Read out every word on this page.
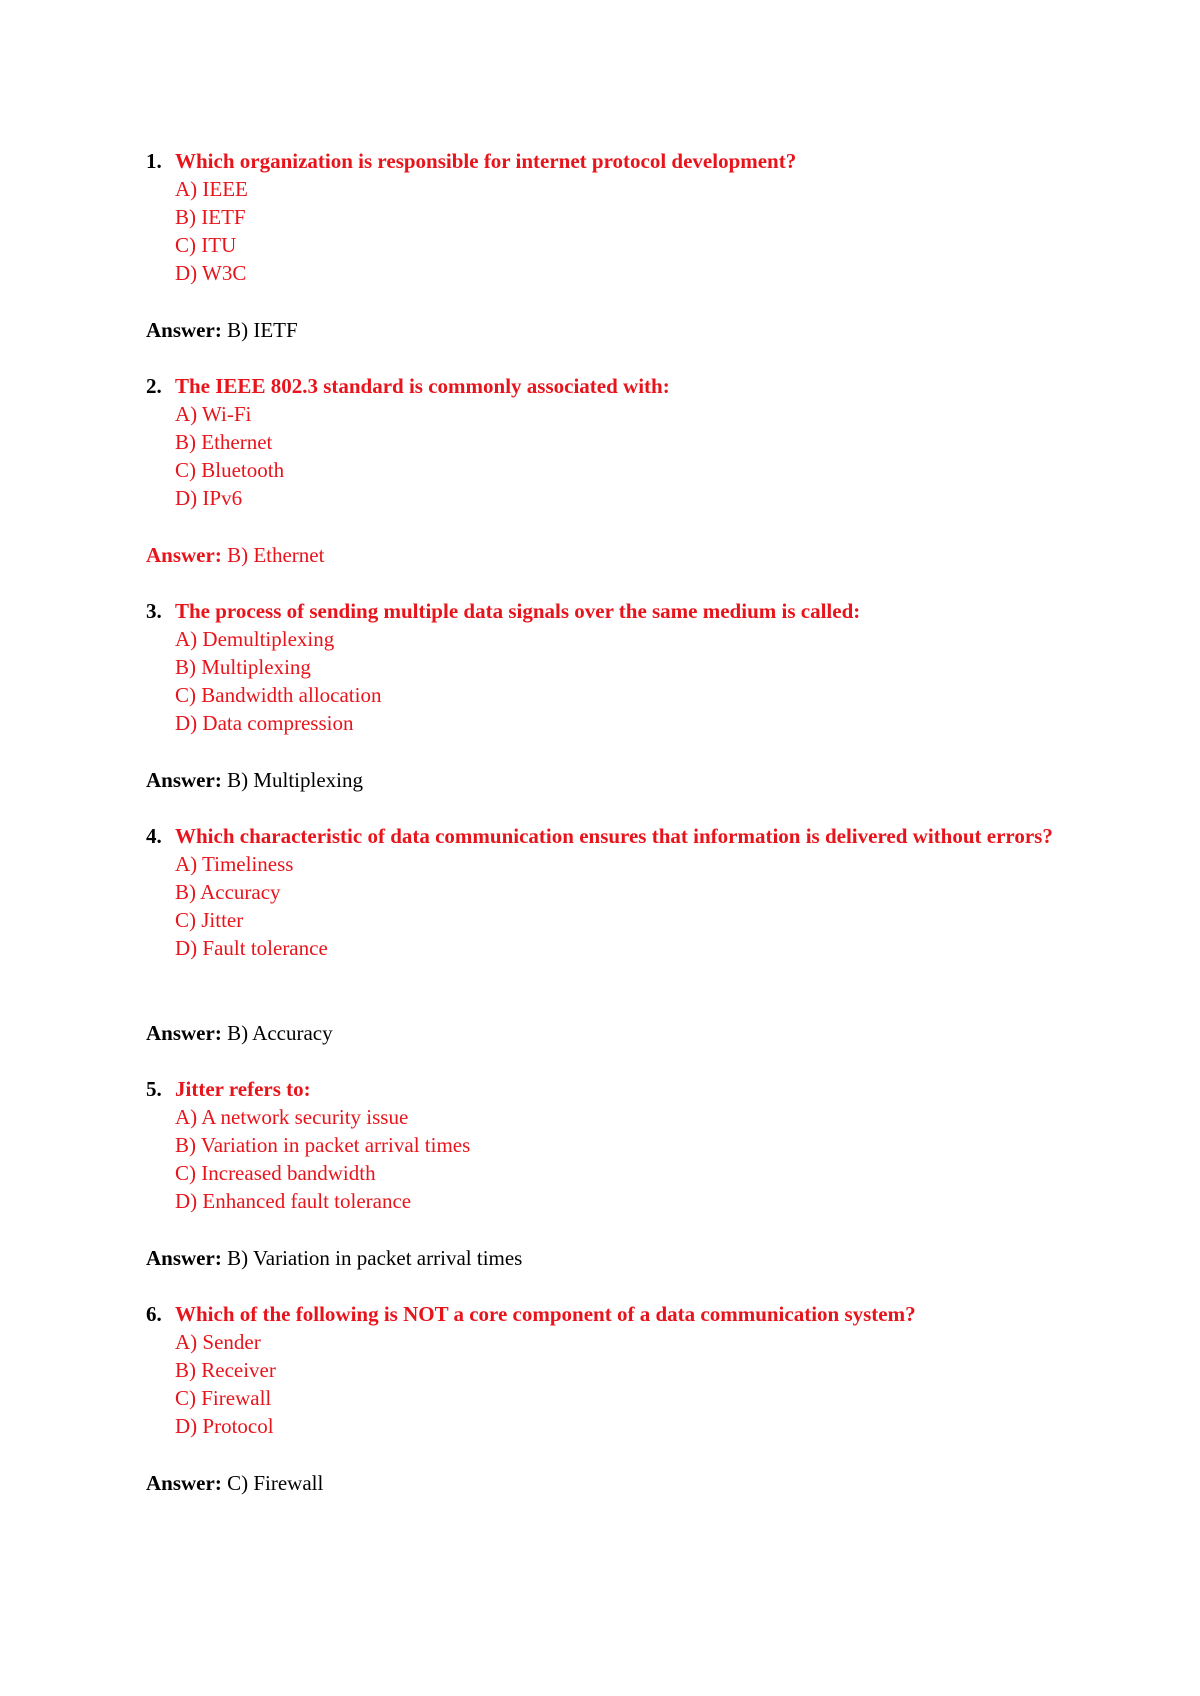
1. Which organization is responsible for internet protocol development?
A) IEEE
B) IETF
C) ITU
D) W3C
Answer: B) IETF
2. The IEEE 802.3 standard is commonly associated with:
A) Wi-Fi
B) Ethernet
C) Bluetooth
D) IPv6
Answer: B) Ethernet
3. The process of sending multiple data signals over the same medium is called:
A) Demultiplexing
B) Multiplexing
C) Bandwidth allocation
D) Data compression
Answer: B) Multiplexing
4. Which characteristic of data communication ensures that information is delivered without errors?
A) Timeliness
B) Accuracy
C) Jitter
D) Fault tolerance
Answer: B) Accuracy
5. Jitter refers to:
A) A network security issue
B) Variation in packet arrival times
C) Increased bandwidth
D) Enhanced fault tolerance
Answer: B) Variation in packet arrival times
6. Which of the following is NOT a core component of a data communication system?
A) Sender
B) Receiver
C) Firewall
D) Protocol
Answer: C) Firewall
